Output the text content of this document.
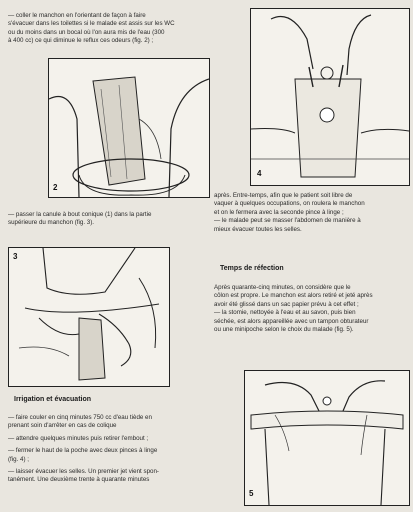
— coller le manchon en l'orientant de façon à faire
s'évacuer dans les toilettes si le malade est assis sur les WC
ou du moins dans un bocal où l'on aura mis de l'eau (300
à 400 cc) ce qui diminue le reflux ces odeurs (fig. 2) ;
2
4
— passer la canule à bout conique (1) dans la partie
supérieure du manchon (fig. 3).
après. Entre-temps, afin que le patient soit libre de
vaquer à quelques occupations, on roulera le manchon
et on le fermera avec la seconde pince à linge ;
— le malade peut se masser l'abdomen de manière à
mieux évacuer toutes les selles.
3
Temps de réfection
Après quarante-cinq minutes, on considère que le
côlon est propre. Le manchon est alors retiré et jeté après
avoir été glissé dans un sac papier prévu à cet effet ;
— la stomie, nettoyée à l'eau et au savon, puis bien
séchée, est alors appareillée avec un tampon obturateur
ou une minipoche selon le choix du malade (fig. 5).
5
Irrigation et évacuation
— faire couler en cinq minutes 750 cc d'eau tiède en
prenant soin d'arrêter en cas de colique
— attendre quelques minutes puis retirer l'embout ;
— fermer le haut de la poche avec deux pinces à linge
(fig. 4) ;
— laisser évacuer les selles. Un premier jet vient spon-
tanément. Une deuxième trente à quarante minutes
